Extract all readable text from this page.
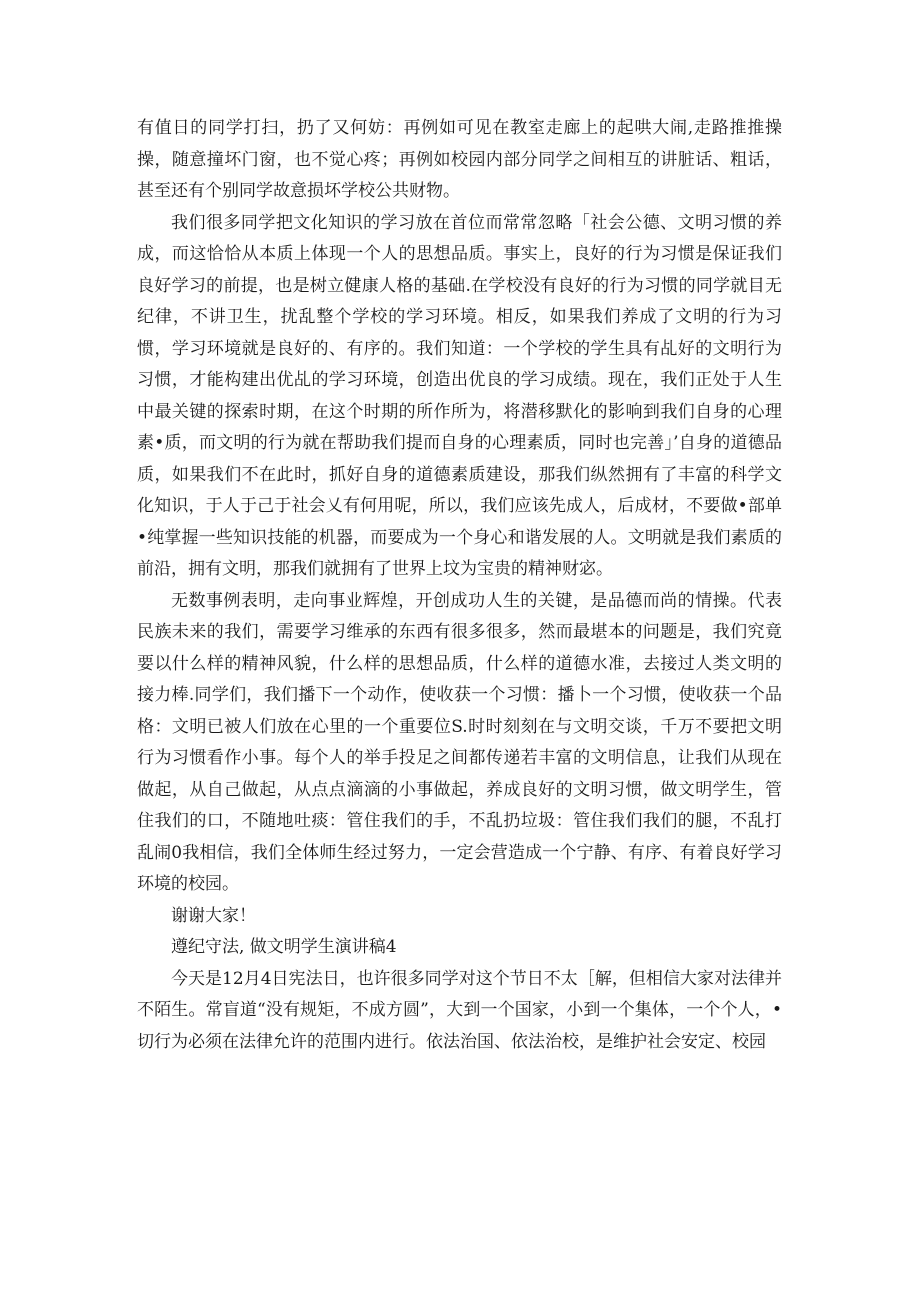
有值日的同学打扫，扔了又何妨：再例如可见在教室走廊上的起哄大闹,走路推推操操，随意撞坏门窗，也不觉心疼；再例如校园内部分同学之间相互的讲脏话、粗话，甚至还有个别同学故意损坏学校公共财物。

我们很多同学把文化知识的学习放在首位而常常忽略「社会公德、文明习惯的养成，而这恰恰从本质上体现一个人的思想品质。事实上，良好的行为习惯是保证我们良好学习的前提，也是树立健康人格的基础.在学校没有良好的行为习惯的同学就目无纪律，不讲卫生，扰乱整个学校的学习环境。相反，如果我们养成了文明的行为习惯，学习环境就是良好的、有序的。我们知道：一个学校的学生具有乩好的文明行为习惯，才能构建出优乩的学习环境，创造出优良的学习成绩。现在，我们正处于人生中最关键的探索时期，在这个时期的所作所为，将潜移默化的影响到我们自身的心理素•质，而文明的行为就在帮助我们提而自身的心理素质，同时也完善」’自身的道德品质，如果我们不在此时，抓好自身的道德素质建设，那我们纵然拥有了丰富的科学文化知识，于人于己于社会乂有何用呢，所以，我们应该先成人，后成材，不要做•部单•纯掌握一些知识技能的机器，而要成为一个身心和谐发展的人。文明就是我们素质的前沿，拥有文明，那我们就拥有了世界上坟为宝贵的精神财宓。

无数事例表明，走向事业辉煌，开创成功人生的关键，是品德而尚的情操。代表民族未来的我们，需要学习维承的东西有很多很多，然而最堪本的问题是，我们究竟要以什么样的精神风貌，什么样的思想品质，什么样的道德水准，去接过人类文明的接力棒.同学们，我们播下一个动作，使收获一个习惯：播卜一个习惯，使收获一个品格：文明已被人们放在心里的一个重要位S.时时刻刻在与文明交谈，千万不要把文明行为习惯看作小事。每个人的举手投足之间都传递若丰富的文明信息，让我们从现在做起，从自己做起，从点点滴滴的小事做起，养成良好的文明习惯，做文明学生，管住我们的口，不随地吐痰：管住我们的手，不乱扔垃圾：管住我们我们的腿，不乱打乱闹0我相信，我们全体师生经过努力，一定会营造成一个宁静、有序、有着良好学习环境的校园。

谢谢大家！

遵纪守法, 做文明学生演讲稿4

今天是12月4日宪法日，也许很多同学对这个节日不太［解，但相信大家对法律并不陌生。常盲道“没有规矩，不成方圆”，大到一个国家，小到一个集体，一个个人，•切行为必须在法律允许的范围内进行。依法治国、依法治校，是维护社会安定、校园
